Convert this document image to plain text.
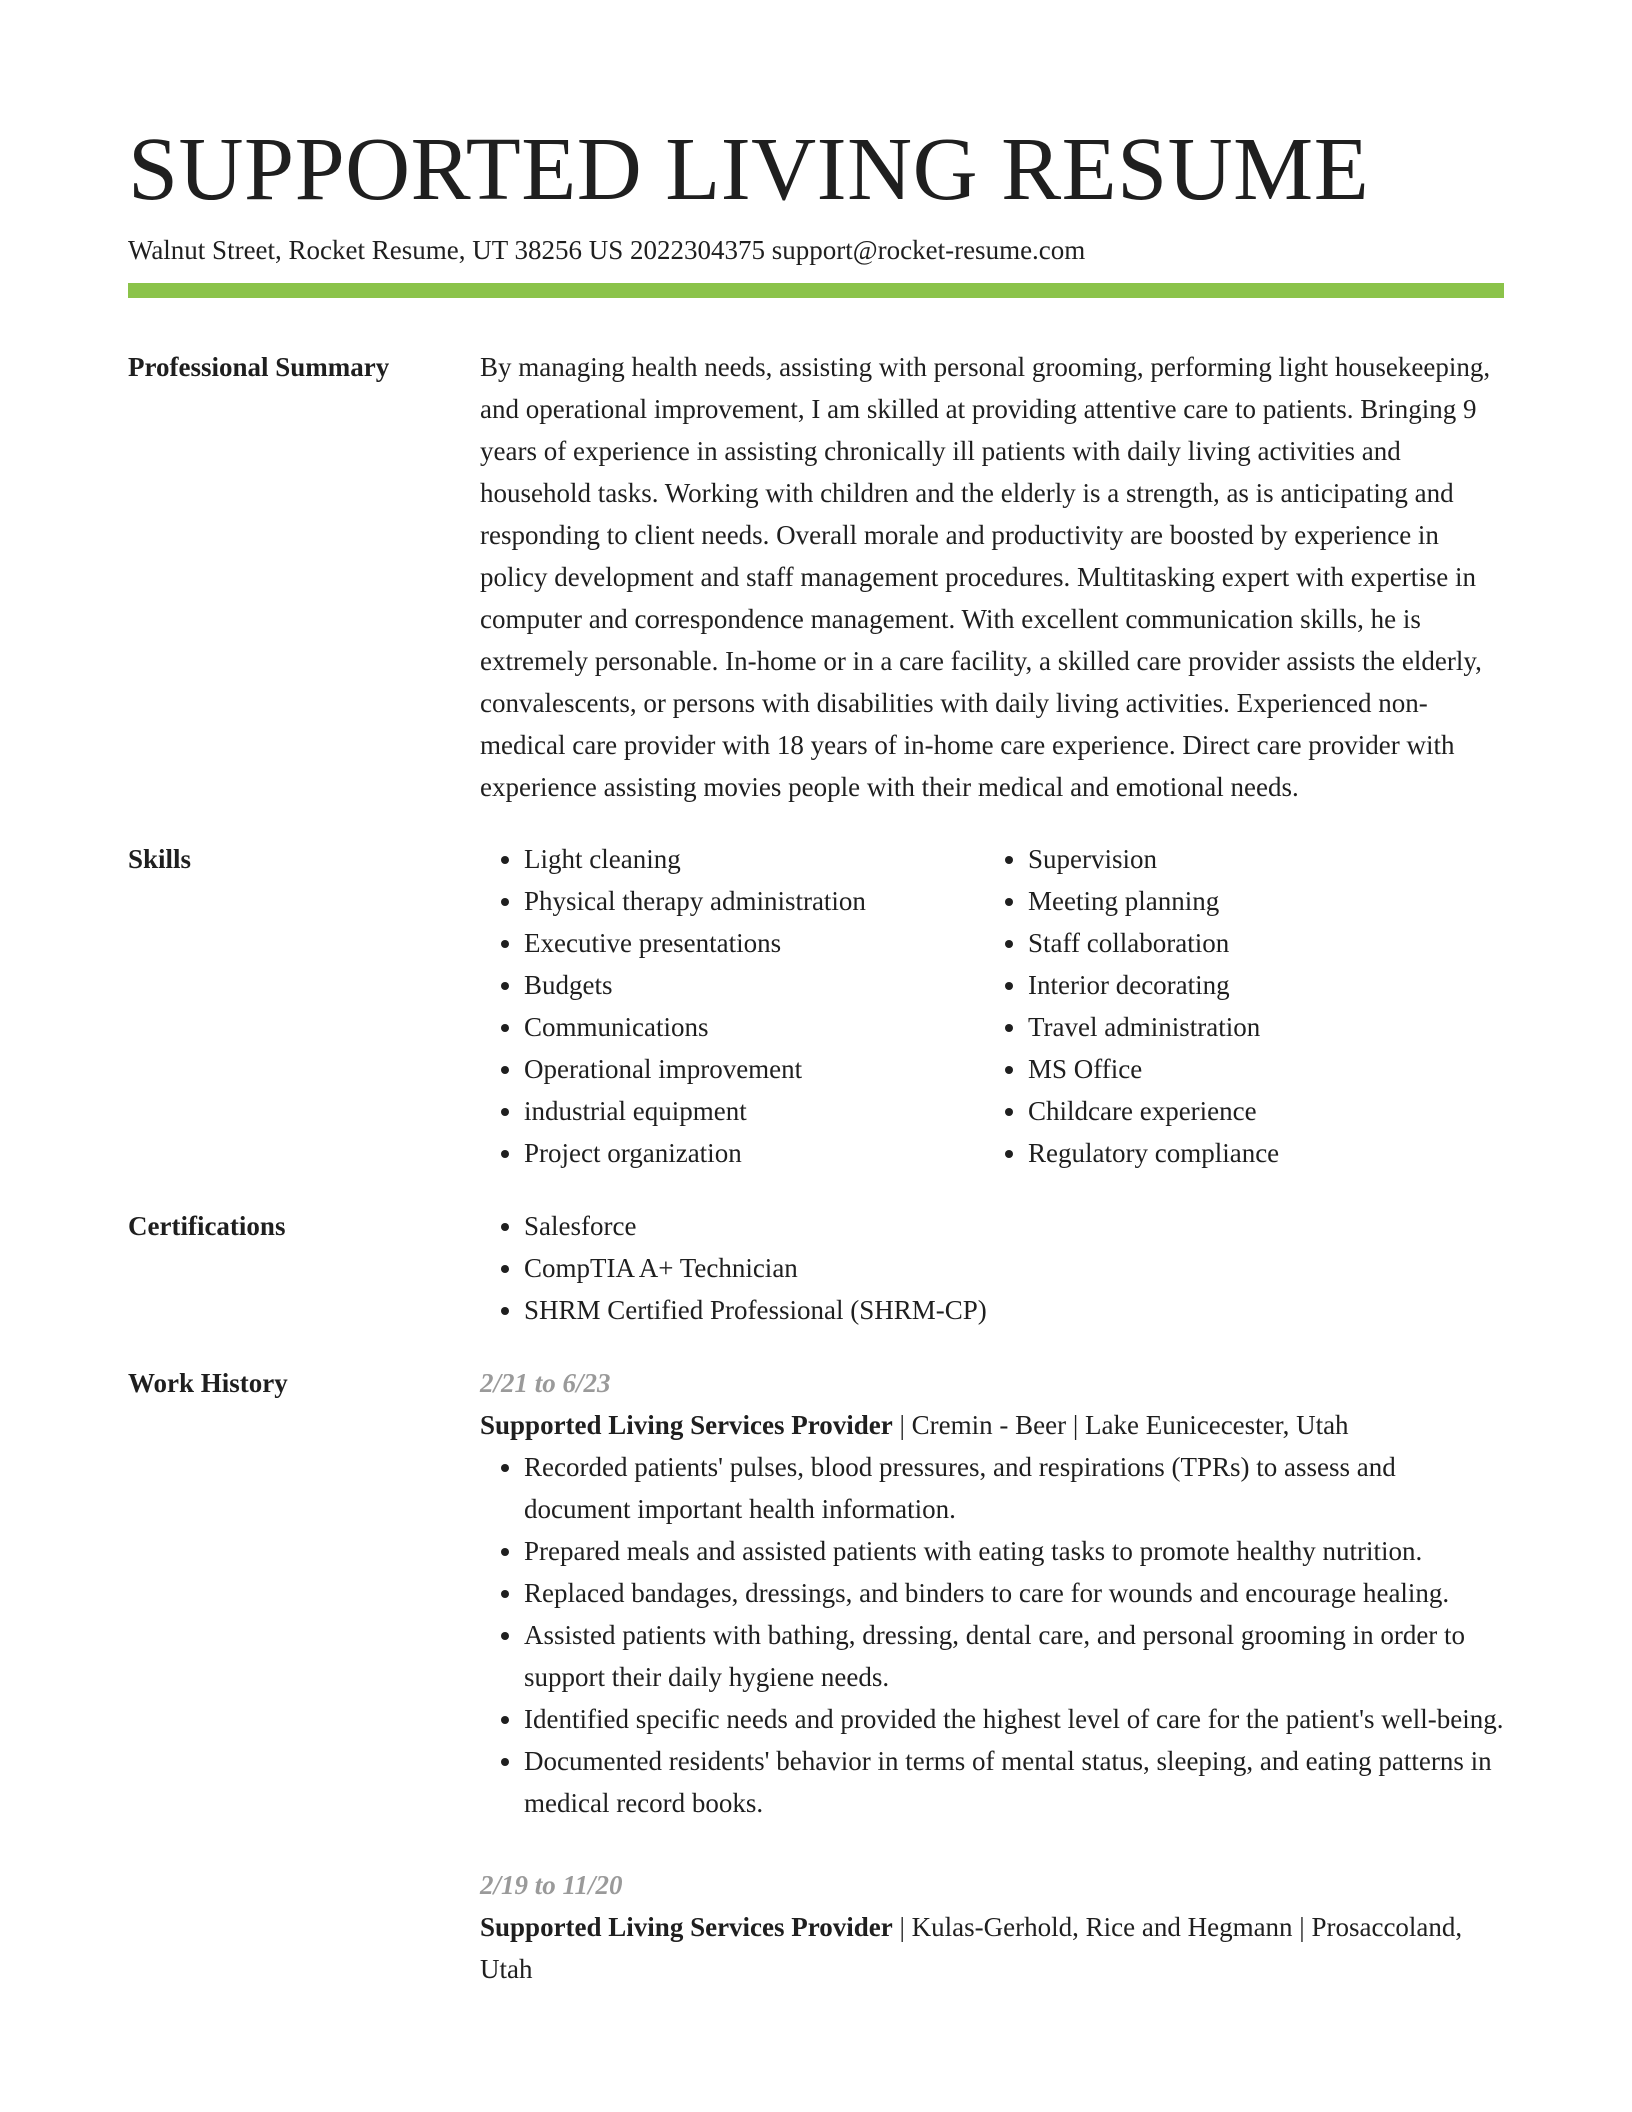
SUPPORTED LIVING RESUME
Walnut Street, Rocket Resume, UT 38256 US 2022304375 support@rocket-resume.com
Professional Summary	By managing health needs, assisting with personal grooming, performing light housekeeping, and operational improvement, I am skilled at providing attentive care to patients. Bringing 9 years of experience in assisting chronically ill patients with daily living activities and household tasks. Working with children and the elderly is a strength, as is anticipating and responding to client needs. Overall morale and productivity are boosted by experience in policy development and staff management procedures. Multitasking expert with expertise in computer and correspondence management. With excellent communication skills, he is extremely personable. In-home or in a care facility, a skilled care provider assists the elderly, convalescents, or persons with disabilities with daily living activities. Experienced non-medical care provider with 18 years of in-home care experience. Direct care provider with experience assisting movies people with their medical and emotional needs.

Skills	• Light cleaning
• Physical therapy administration
• Executive presentations
• Budgets
• Communications
• Operational improvement
• industrial equipment
• Project organization
• Supervision
• Meeting planning
• Staff collaboration
• Interior decorating
• Travel administration
• MS Office
• Childcare experience
• Regulatory compliance
Certifications	• Salesforce
• CompTIA A+ Technician
• SHRM Certified Professional (SHRM-CP)
Work History	2/21 to 6/23
Supported Living Services Provider | Cremin - Beer | Lake Eunicecester, Utah
• Recorded patients' pulses, blood pressures, and respirations (TPRs) to assess and document important health information.
• Prepared meals and assisted patients with eating tasks to promote healthy nutrition.
• Replaced bandages, dressings, and binders to care for wounds and encourage healing.
• Assisted patients with bathing, dressing, dental care, and personal grooming in order to support their daily hygiene needs.
• Identified specific needs and provided the highest level of care for the patient's well-being.
• Documented residents' behavior in terms of mental status, sleeping, and eating patterns in medical record books.
2/19 to 11/20
Supported Living Services Provider | Kulas-Gerhold, Rice and Hegmann | Prosaccoland, Utah
